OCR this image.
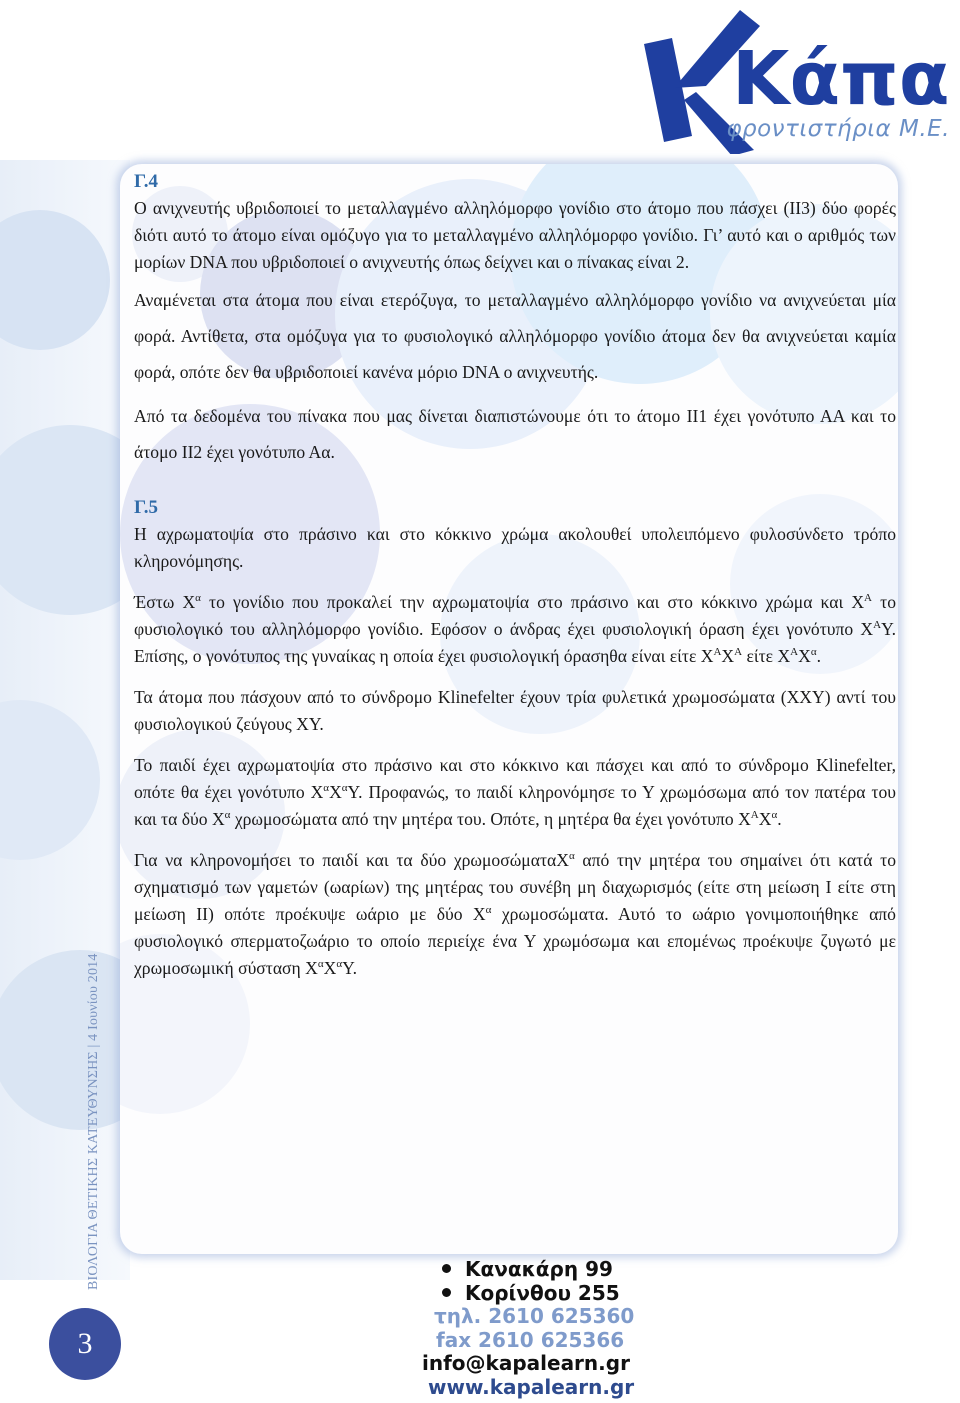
Κάπα
φροντιστήρια Μ.Ε.
Γ.4

Ο ανιχνευτής υβριδοποιεί το μεταλλαγμένο αλληλόμορφο γονίδιο στο άτομο που πάσχει (ΙΙ3) δύο φορές διότι αυτό το άτομο είναι ομόζυγο για το μεταλλαγμένο αλληλόμορφο γονίδιο. Γι’ αυτό και ο αριθμός των μορίων DNA που υβριδοποιεί ο ανιχνευτής όπως δείχνει και ο πίνακας είναι 2.

Αναμένεται στα άτομα που είναι ετερόζυγα, το μεταλλαγμένο αλληλόμορφο γονίδιο να ανιχνεύεται μία φορά. Αντίθετα, στα ομόζυγα για το φυσιολογικό αλληλόμορφο γονίδιο άτομα δεν θα ανιχνεύεται καμία φορά, οπότε δεν θα υβριδοποιεί κανένα μόριο DNA ο ανιχνευτής.

Από τα δεδομένα του πίνακα που μας δίνεται διαπιστώνουμε ότι το άτομο ΙΙ1 έχει γονότυπο ΑΑ και το άτομο ΙΙ2 έχει γονότυπο Αα.

Γ.5

Η αχρωματοψία στο πράσινο και στο κόκκινο χρώμα ακολουθεί υπολειπόμενο φυλοσύνδετο τρόπο κληρονόμησης.

Έστω $X^\alpha$ το γονίδιο που προκαλεί την αχρωματοψία στο πράσινο και στο κόκκινο χρώμα και $X^A$ το φυσιολογικό του αλληλόμορφο γονίδιο. Εφόσον ο άνδρας έχει φυσιολογική όραση έχει γονότυπο $X^A\Upsilon$. Επίσης, ο γονότυπος της γυναίκας η οποία έχει φυσιολογική όρασηθα είναι είτε $X^AX^A$ είτε $X^AX^\alpha$.

Τα άτομα που πάσχουν από το σύνδρομο Klinefelter έχουν τρία φυλετικά χρωμοσώματα (ΧΧΥ) αντί του φυσιολογικού ζεύγους ΧΥ.

Το παιδί έχει αχρωματοψία στο πράσινο και στο κόκκινο και πάσχει και από το σύνδρομο Klinefelter, οπότε θα έχει γονότυπο $X^\alpha X^\alpha\Upsilon$. Προφανώς, το παιδί κληρονόμησε το Υ χρωμόσωμα από τον πατέρα του και τα δύο $X^\alpha$ χρωμοσώματα από την μητέρα του. Οπότε, η μητέρα θα έχει γονότυπο $X^AX^\alpha$.

Για να κληρονομήσει το παιδί και τα δύο χρωμοσώματαΧ$^\alpha$ από την μητέρα του σημαίνει ότι κατά το σχηματισμό των γαμετών (ωαρίων) της μητέρας του συνέβη μη διαχωρισμός (είτε στη μείωση Ι είτε στη μείωση ΙΙ) οπότε προέκυψε ωάριο με δύο $X^\alpha$ χρωμοσώματα. Αυτό το ωάριο γονιμοποιήθηκε από φυσιολογικό σπερματοζωάριο το οποίο περιείχε ένα Υ χρωμόσωμα και επομένως προέκυψε ζυγωτό με χρωμοσωμική σύσταση $X^\alpha X^\alpha\Upsilon$.

ΒΙΟΛΟΓΙΑ ΘΕΤΙΚΗΣ ΚΑΤΕΥΘΥΝΣΗΣ | 4 Ιουνίου 2014
3
Κανακάρη 99
Κορίνθου 255
τηλ. 2610 625360
fax 2610 625366
info@kapalearn.gr
www.kapalearn.gr
